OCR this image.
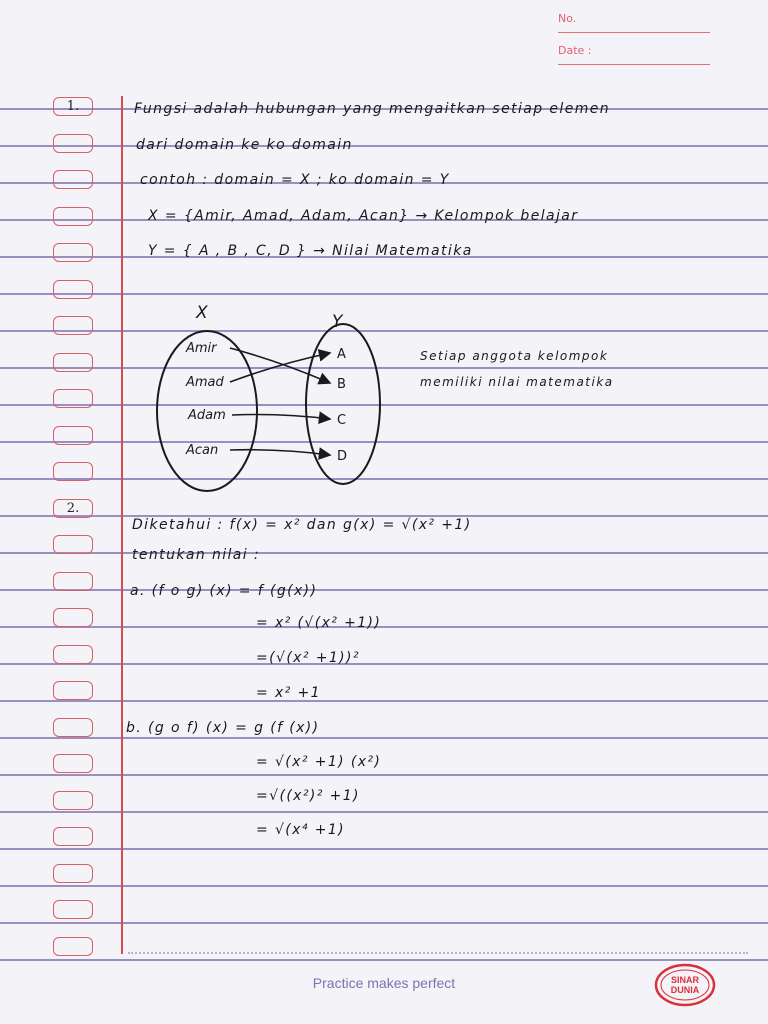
No.
Date :
1.
2.
Fungsi adalah hubungan yang mengaitkan setiap elemen
dari domain ke ko domain
contoh : domain = X ; ko domain = Y
X = {Amir, Amad, Adam, Acan} → Kelompok belajar
Y = { A , B , C, D } → Nilai Matematika
X	Y
Amir
Amad
Adam
Acan
A
B
C
D
Setiap anggota kelompok
memiliki nilai matematika
Diketahui : f(x) = x² dan g(x) = √(x² +1)
tentukan nilai :
a. (f o g) (x) = f (g(x))
= x² (√(x² +1))
=(√(x² +1))²
= x² +1
b. (g o f) (x) = g (f (x))
= √(x² +1) (x²)
=√((x²)² +1)
= √(x⁴ +1)
Practice makes perfect	SINAR
DUNIA
